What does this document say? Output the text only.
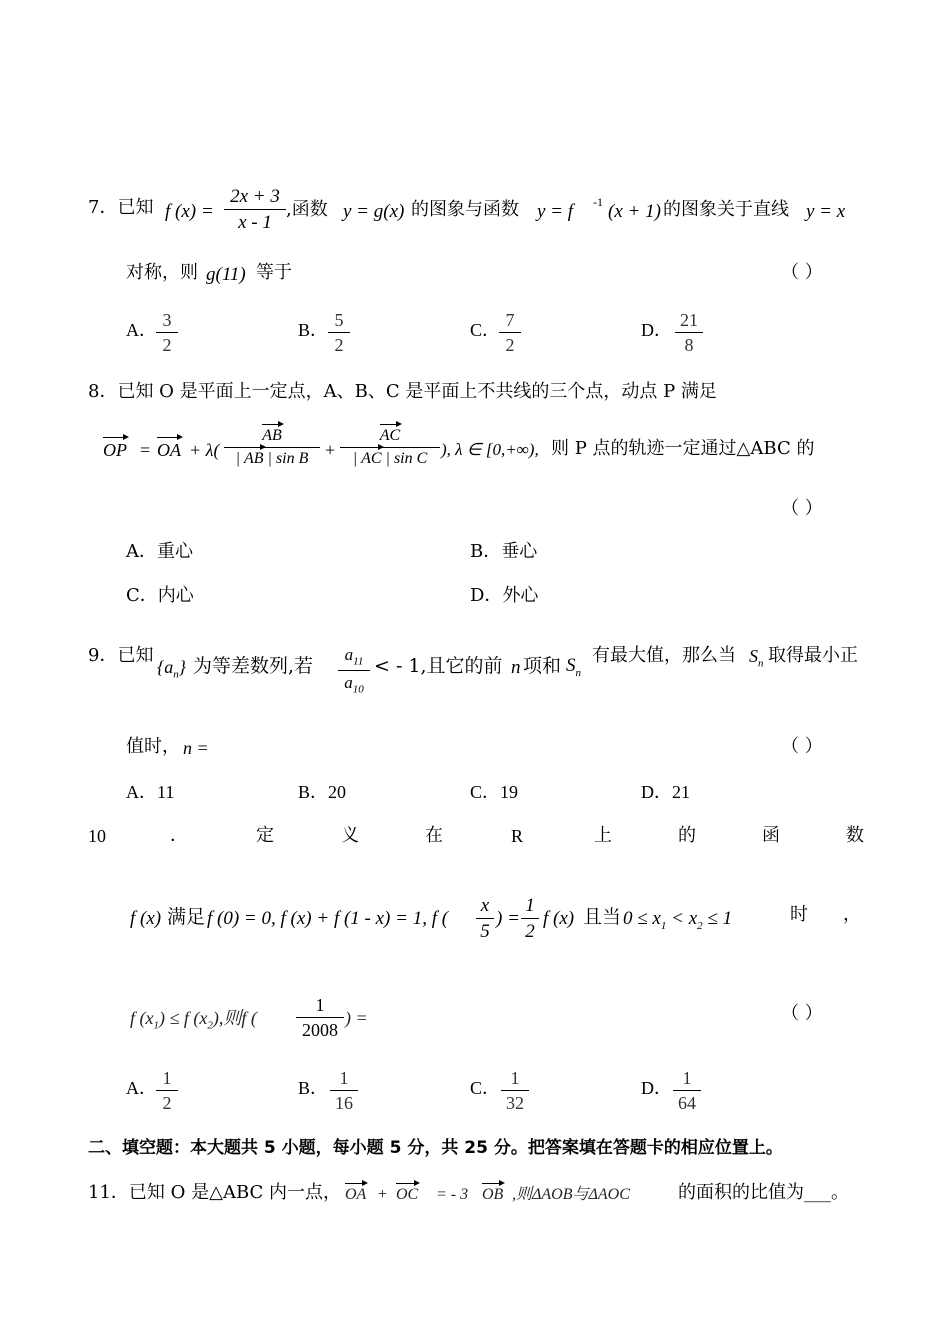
7．已知 f (x) =
2x + 3
x - 1
,函数 y = g(x) 的图象与函数 y = f -1 (x + 1) 的图象关于直线 y = x
对称，则 g(11) 等于	（ ）
A． 3
2
B． 5
2
C． 7
2
D． 21
8
8．已知 O 是平面上一定点，A、B、C 是平面上不共线的三个点，动点 P 满足
OP = OA + λ(
AB
| AB | sin B +
AC
| AC | sin C ), λ ∈ [0,+∞), 则 P 点的轨迹一定通过△ABC 的
（ ）
A．重心	B．垂心
C．内心	D．外心
9．已知
$\{a_n\}$ 为等差数列,若
$a_{11}$
$a_{10}$
< - 1,且它的前 n 项和 $S_n$
有最大值，那么当 $S_n$ 取得最小正
值时， n =	（ ）
A．11	B．20	C．19	D．21
10	．	定	义	在	R	上	的	函	数
f (x) 满足 f (0) = 0, f (x) + f (1 - x) = 1, f (
x
5
) =
1
2
f (x) 且当 $0 \le x_1 < x_2 \le 1$	时 ，
f $(x_1) \le f$ $(x_2)$,则f (
1
2008
) =	（ ）
A． 1
2
B． 1
16
C． 1
32
D． 1
64
二、填空题：本大题共 5 小题，每小题 5 分，共 25 分。把答案填在答题卡的相应位置上。
11．已知 O 是△ABC 内一点， OA + OC = - 3 OB ,则ΔAOB与ΔAOC	的面积的比值为___。
